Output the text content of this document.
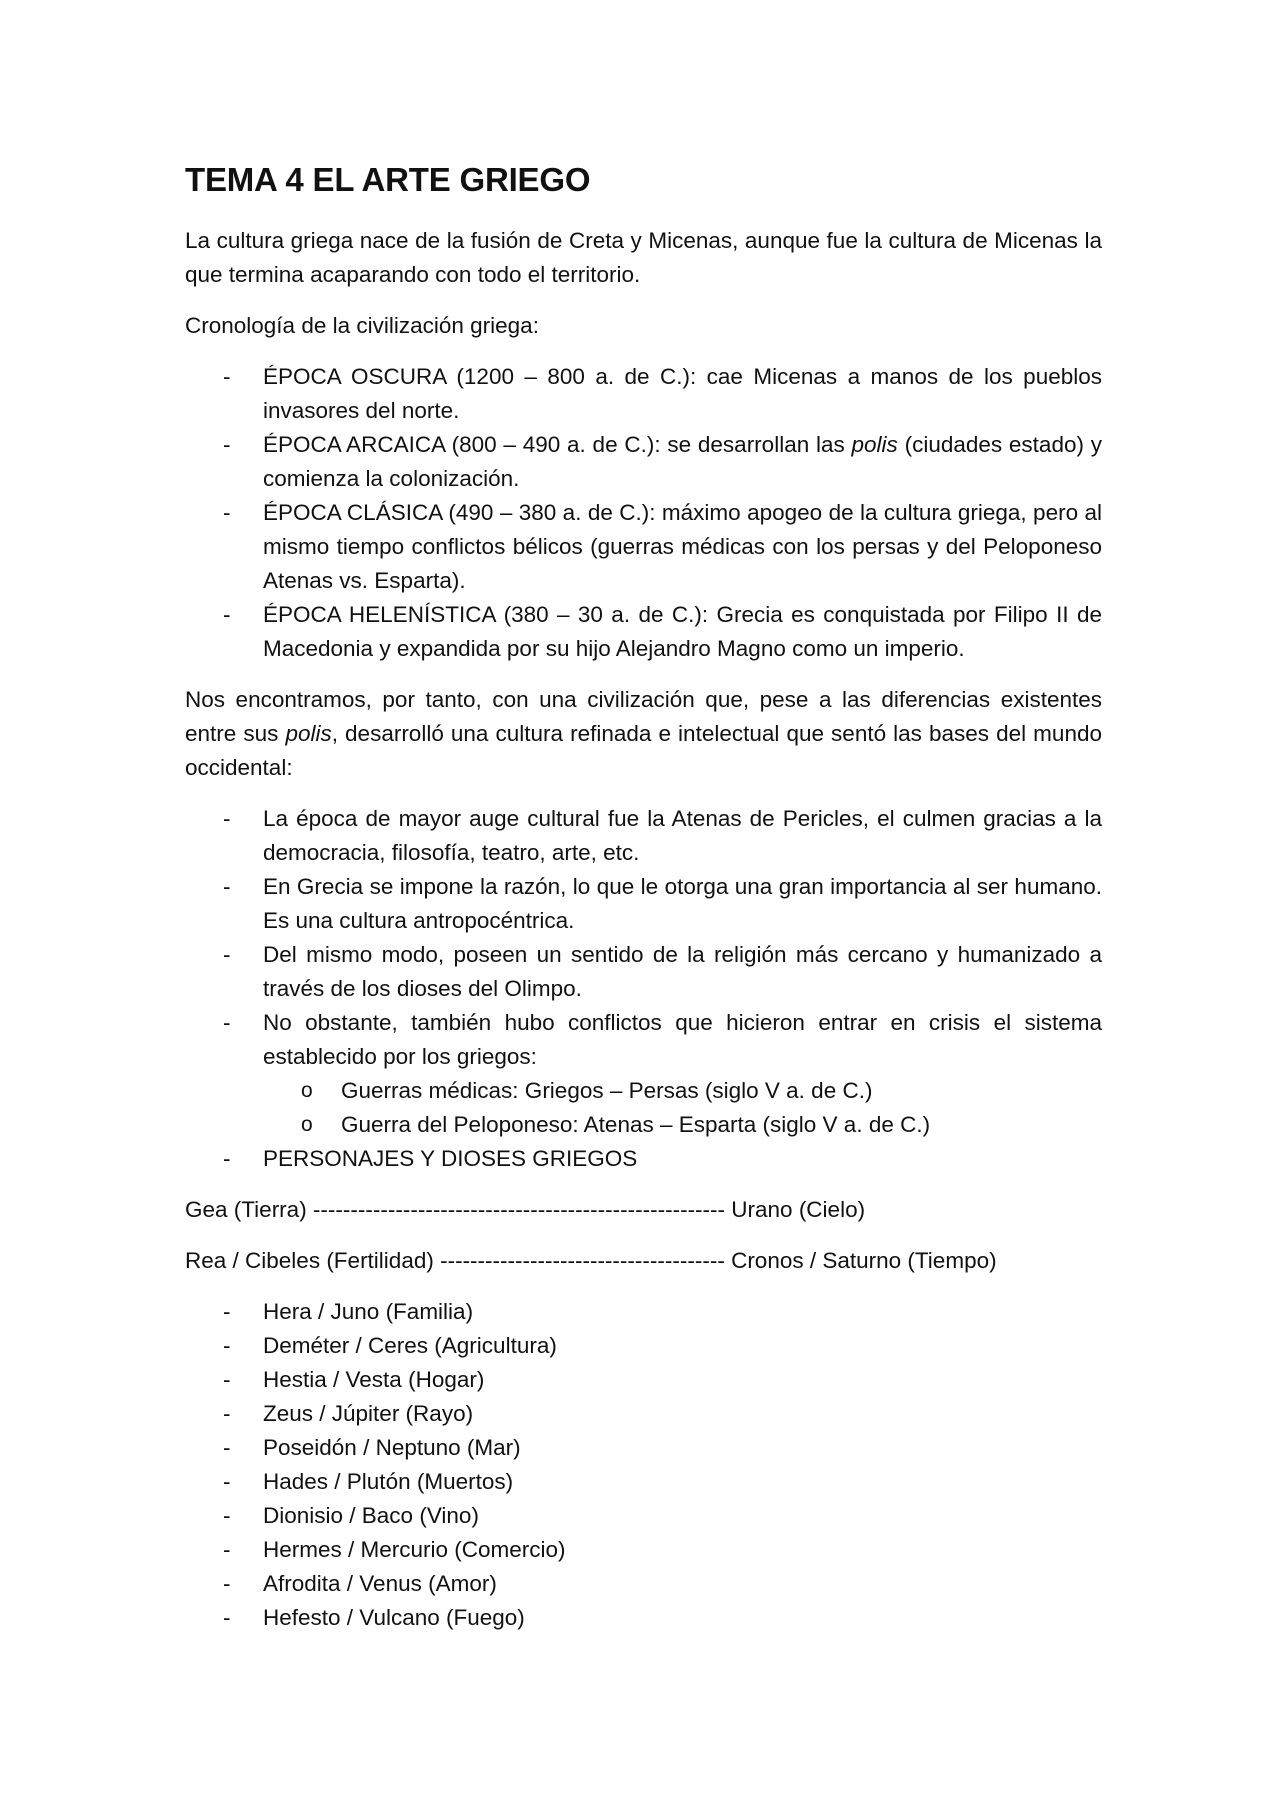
TEMA 4 EL ARTE GRIEGO

La cultura griega nace de la fusión de Creta y Micenas, aunque fue la cultura de Micenas la que termina acaparando con todo el territorio.

Cronología de la civilización griega:

- ÉPOCA OSCURA (1200 – 800 a. de C.): cae Micenas a manos de los pueblos invasores del norte.
- ÉPOCA ARCAICA (800 – 490 a. de C.): se desarrollan las polis (ciudades estado) y comienza la colonización.
- ÉPOCA CLÁSICA (490 – 380 a. de C.): máximo apogeo de la cultura griega, pero al mismo tiempo conflictos bélicos (guerras médicas con los persas y del Peloponeso Atenas vs. Esparta).
- ÉPOCA HELENÍSTICA (380 – 30 a. de C.): Grecia es conquistada por Filipo II de Macedonia y expandida por su hijo Alejandro Magno como un imperio.

Nos encontramos, por tanto, con una civilización que, pese a las diferencias existentes entre sus polis, desarrolló una cultura refinada e intelectual que sentó las bases del mundo occidental:

- La época de mayor auge cultural fue la Atenas de Pericles, el culmen gracias a la democracia, filosofía, teatro, arte, etc.
- En Grecia se impone la razón, lo que le otorga una gran importancia al ser humano. Es una cultura antropocéntrica.
- Del mismo modo, poseen un sentido de la religión más cercano y humanizado a través de los dioses del Olimpo.
- No obstante, también hubo conflictos que hicieron entrar en crisis el sistema establecido por los griegos:
o Guerras médicas: Griegos – Persas (siglo V a. de C.)
o Guerra del Peloponeso: Atenas – Esparta (siglo V a. de C.)
- PERSONAJES Y DIOSES GRIEGOS

Gea (Tierra) ------------------------------------------------------- Urano (Cielo)

Rea / Cibeles (Fertilidad) -------------------------------------- Cronos / Saturno (Tiempo)

- Hera / Juno (Familia)
- Deméter / Ceres (Agricultura)
- Hestia / Vesta (Hogar)
- Zeus / Júpiter (Rayo)
- Poseidón / Neptuno (Mar)
- Hades / Plutón (Muertos)
- Dionisio / Baco (Vino)
- Hermes / Mercurio (Comercio)
- Afrodita / Venus (Amor)
- Hefesto / Vulcano (Fuego)
